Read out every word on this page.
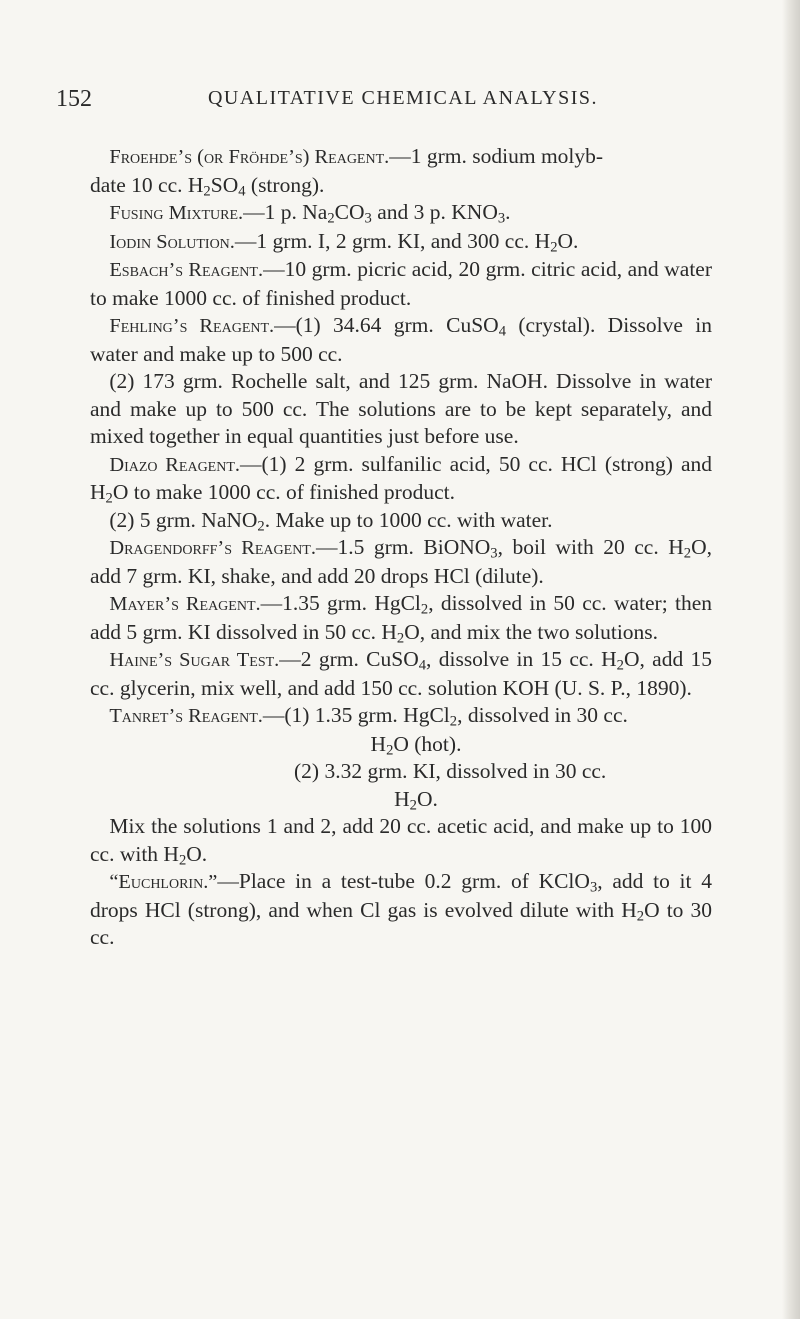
152	QUALITATIVE CHEMICAL ANALYSIS.

Froehde’s (or Fröhde’s) Reagent.—1 grm. sodium molyb-
date 10 cc. $H_2SO_4$ (strong).

Fusing Mixture.—1 p. $Na_2CO_3$ and 3 p. $KNO_3$.

Iodin Solution.—1 grm. I, 2 grm. KI, and 300 cc. $H_2O$.

Esbach’s Reagent.—10 grm. picric acid, 20 grm. citric acid, and water to make 1000 cc. of finished product.

Fehling’s Reagent.—(1) 34.64 grm. CuSO$_4$ (crystal). Dissolve in water and make up to 500 cc.

(2) 173 grm. Rochelle salt, and 125 grm. NaOH. Dissolve in water and make up to 500 cc. The solutions are to be kept separately, and mixed together in equal quantities just before use.

Diazo Reagent.—(1) 2 grm. sulfanilic acid, 50 cc. HCl (strong) and $H_2O$ to make 1000 cc. of finished product.

(2) 5 grm. NaNO$_2$. Make up to 1000 cc. with water.

Dragendorff’s Reagent.—1.5 grm. BiONO$_3$, boil with 20 cc. $H_2O$, add 7 grm. KI, shake, and add 20 drops HCl (dilute).

Mayer’s Reagent.—1.35 grm. HgCl$_2$, dissolved in 50 cc. water; then add 5 grm. KI dissolved in 50 cc. $H_2O$, and mix the two solutions.

Haine’s Sugar Test.—2 grm. CuSO$_4$, dissolve in 15 cc. $H_2O$, add 15 cc. glycerin, mix well, and add 150 cc. solution KOH (U. S. P., 1890).

Tanret’s Reagent.—(1) 1.35 grm. HgCl$_2$ , dissolved in 30 cc.
$H_2O$ (hot).
(2) 3.32 grm. KI, dissolved in 30 cc.
$H_2O$.

Mix the solutions 1 and 2, add 20 cc. acetic acid, and make up to 100 cc. with $H_2O$.

“Euchlorin.”—Place in a test-tube 0.2 grm. of KClO$_3$, add to it 4 drops HCl (strong), and when Cl gas is evolved dilute with $H_2O$ to 30 cc.
